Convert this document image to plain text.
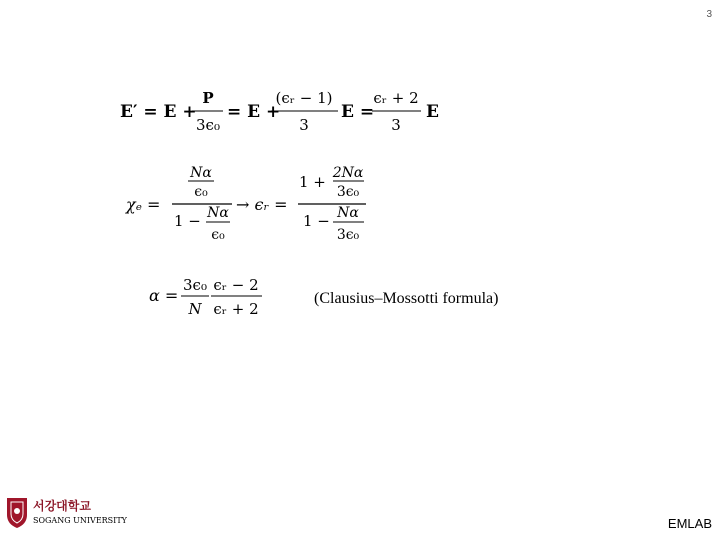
3
E′ = E +
P
3ϵ₀
= E +
(ϵᵣ − 1)
3
E =
ϵᵣ + 2
3
E
χₑ =
Nα
ϵ₀
1 − Nα
ϵ₀
→ ϵᵣ =
1 + 2Nα
3ϵ₀
1 − Nα
3ϵ₀
α =
3ϵ₀
N
ϵᵣ − 2
ϵᵣ + 2
(Clausius–Mossotti formula)
서강대학교
SOGANG UNIVERSITY	EMLAB
